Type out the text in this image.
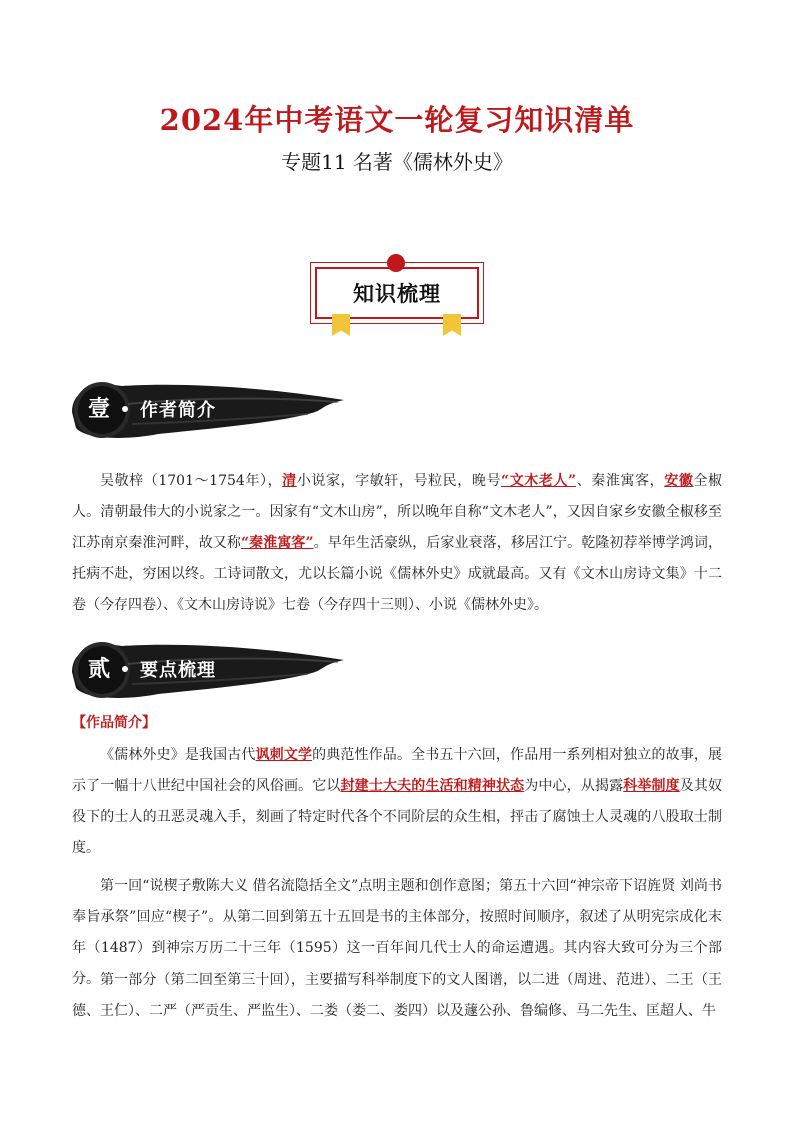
2024年中考语文一轮复习知识清单
专题11 名著《儒林外史》
知识梳理
壹 作者简介

吴敬梓（1701～1754年），清小说家，字敏轩，号粒民，晚号“文木老人”、秦淮寓客，安徽全椒人。清朝最伟大的小说家之一。因家有“文木山房”，所以晚年自称“文木老人”，又因自家乡安徽全椒移至江苏南京秦淮河畔，故又称“秦淮寓客”。早年生活豪纵，后家业衰落，移居江宁。乾隆初荐举博学鸿词，托病不赴，穷困以终。工诗词散文，尤以长篇小说《儒林外史》成就最高。又有《文木山房诗文集》十二卷（今存四卷）、《文木山房诗说》七卷（今存四十三则）、小说《儒林外史》。

贰 要点梳理
【作品简介】

《儒林外史》是我国古代讽刺文学的典范性作品。全书五十六回，作品用一系列相对独立的故事，展示了一幅十八世纪中国社会的风俗画。它以封建士大夫的生活和精神状态为中心，从揭露科举制度及其奴役下的士人的丑恶灵魂入手，刻画了特定时代各个不同阶层的众生相，抨击了腐蚀士人灵魂的八股取士制度。

第一回“说楔子敷陈大义 借名流隐括全文”点明主题和创作意图；第五十六回“神宗帝下诏旌贤 刘尚书奉旨承祭”回应“楔子”。从第二回到第五十五回是书的主体部分，按照时间顺序，叙述了从明宪宗成化末年（1487）到神宗万历二十三年（1595）这一百年间几代士人的命运遭遇。其内容大致可分为三个部分。 第一部分（第二回至第三十回），主要描写科举制度下的文人图谱，以二进（周进、范进）、二王（王德、王仁）、二严（严贡生、严监生）、二娄（娄二、娄四）以及蘧公孙、鲁编修、马二先生、匡超人、牛
